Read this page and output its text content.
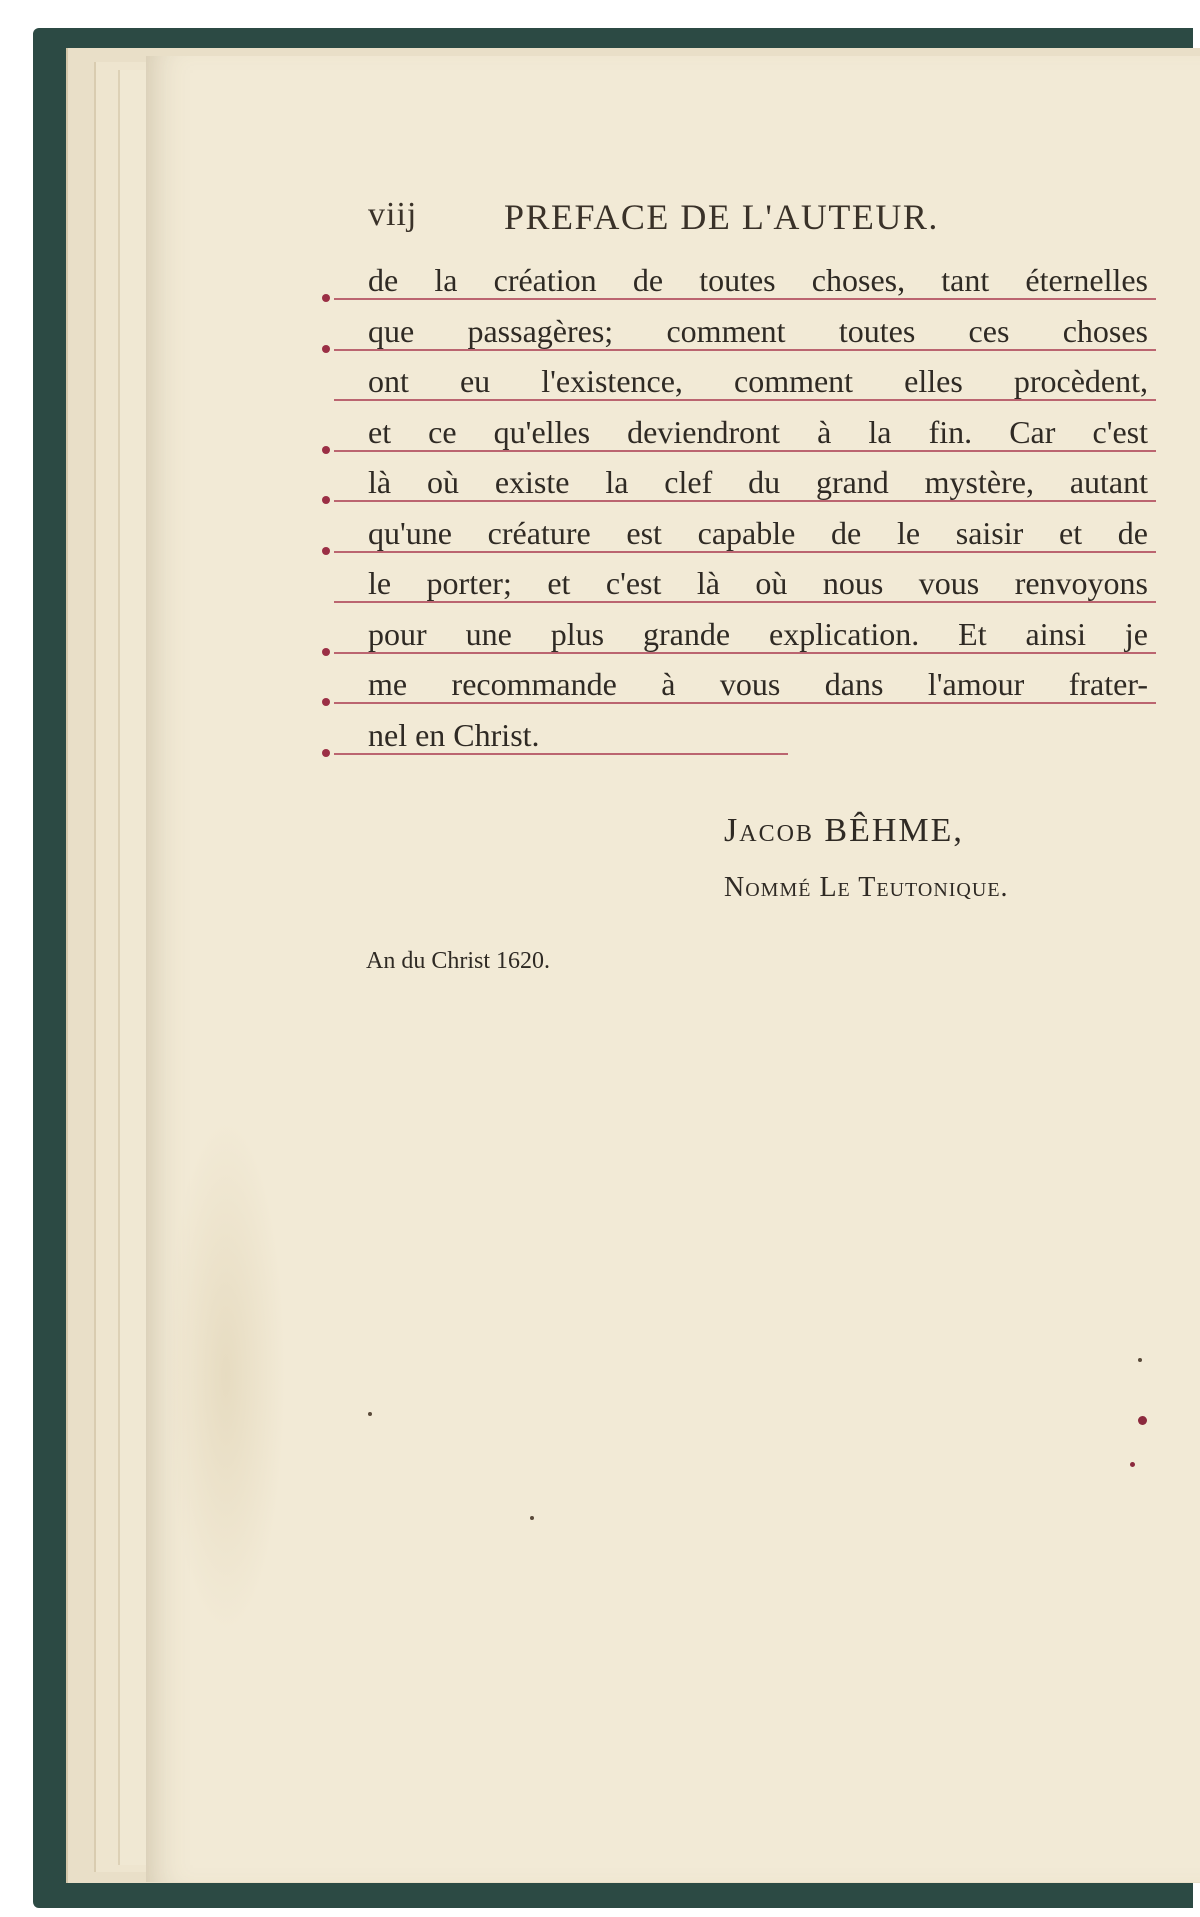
viij PREFACE DE L'AUTEUR.
de la création de toutes choses, tant éternelles
que passagères; comment toutes ces choses
ont eu l'existence, comment elles procèdent,
et ce qu'elles deviendront à la fin. Car c'est
là où existe la clef du grand mystère, autant
qu'une créature est capable de le saisir et de
le porter; et c'est là où nous vous renvoyons
pour une plus grande explication. Et ainsi je
me recommande à vous dans l'amour frater-
nel en Christ.
Jacob BÊHME,
Nommé Le Teutonique.
An du Christ 1620.
